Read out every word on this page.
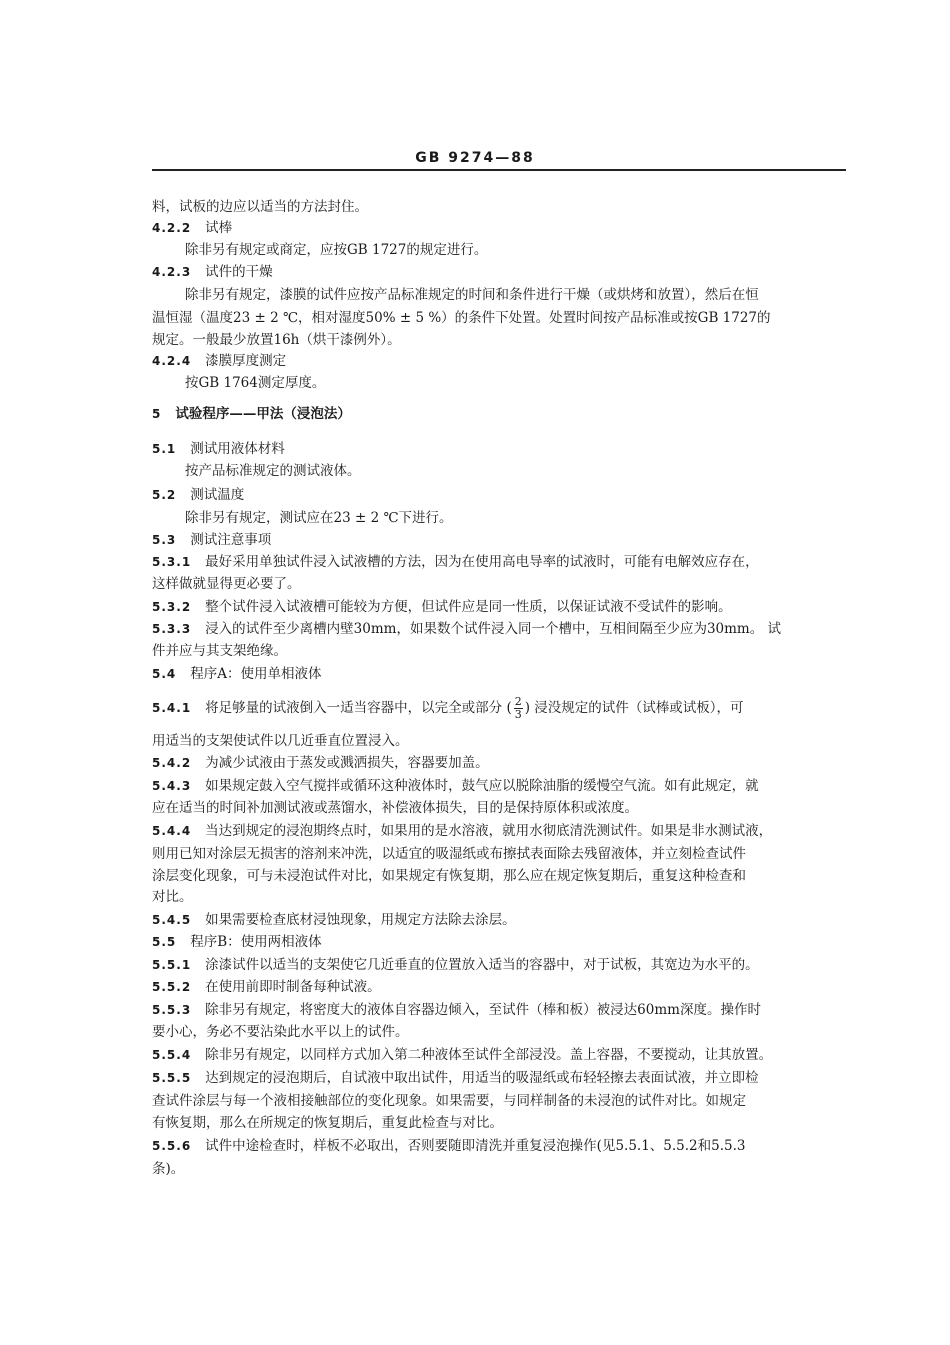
GB 9274—88
料，试板的边应以适当的方法封住。
4.2.2 试棒
除非另有规定或商定，应按GB 1727的规定进行。
4.2.3 试件的干燥
除非另有规定，漆膜的试件应按产品标准规定的时间和条件进行干燥（或烘烤和放置），然后在恒
温恒湿（温度23 ± 2 ℃，相对湿度50% ± 5 %）的条件下处置。处置时间按产品标准或按GB 1727的
规定。一般最少放置16h（烘干漆例外）。
4.2.4 漆膜厚度测定
按GB 1764测定厚度。
5 试验程序——甲法（浸泡法）
5.1 测试用液体材料
按产品标准规定的测试液体。
5.2 测试温度
除非另有规定，测试应在23 ± 2 ℃下进行。
5.3 测试注意事项
5.3.1 最好采用单独试件浸入试液槽的方法，因为在使用高电导率的试液时，可能有电解效应存在，
这样做就显得更必要了。
5.3.2 整个试件浸入试液槽可能较为方便，但试件应是同一性质，以保证试液不受试件的影响。
5.3.3 浸入的试件至少离槽内壁30mm，如果数个试件浸入同一个槽中，互相间隔至少应为30mm。 试
件并应与其支架绝缘。
5.4 程序A：使用单相液体
5.4.1 将足够量的试液倒入一适当容器中，以完全或部分 ( $\frac{2}{3}$ ) 浸没规定的试件（试棒或试板），可
用适当的支架使试件以几近垂直位置浸入。
5.4.2 为减少试液由于蒸发或溅洒损失，容器要加盖。
5.4.3 如果规定鼓入空气搅拌或循环这种液体时，鼓气应以脱除油脂的缓慢空气流。如有此规定，就
应在适当的时间补加测试液或蒸馏水，补偿液体损失，目的是保持原体积或浓度。
5.4.4 当达到规定的浸泡期终点时，如果用的是水溶液，就用水彻底清洗测试件。如果是非水测试液，
则用已知对涂层无损害的溶剂来冲洗，以适宜的吸湿纸或布擦拭表面除去残留液体，并立刻检查试件
涂层变化现象，可与未浸泡试件对比，如果规定有恢复期，那么应在规定恢复期后，重复这种检查和
对比。
5.4.5 如果需要检查底材浸蚀现象，用规定方法除去涂层。
5.5 程序B：使用两相液体
5.5.1 涂漆试件以适当的支架使它几近垂直的位置放入适当的容器中，对于试板，其宽边为水平的。
5.5.2 在使用前即时制备每种试液。
5.5.3 除非另有规定，将密度大的液体自容器边倾入，至试件（棒和板）被浸达60mm深度。操作时
要小心，务必不要沾染此水平以上的试件。
5.5.4 除非另有规定，以同样方式加入第二种液体至试件全部浸没。盖上容器，不要搅动，让其放置。
5.5.5 达到规定的浸泡期后，自试液中取出试件，用适当的吸湿纸或布轻轻擦去表面试液，并立即检
查试件涂层与每一个液相接触部位的变化现象。如果需要，与同样制备的未浸泡的试件对比。如规定
有恢复期，那么在所规定的恢复期后，重复此检查与对比。
5.5.6 试件中途检查时，样板不必取出，否则要随即清洗并重复浸泡操作(见5.5.1、5.5.2和5.5.3
条)。
